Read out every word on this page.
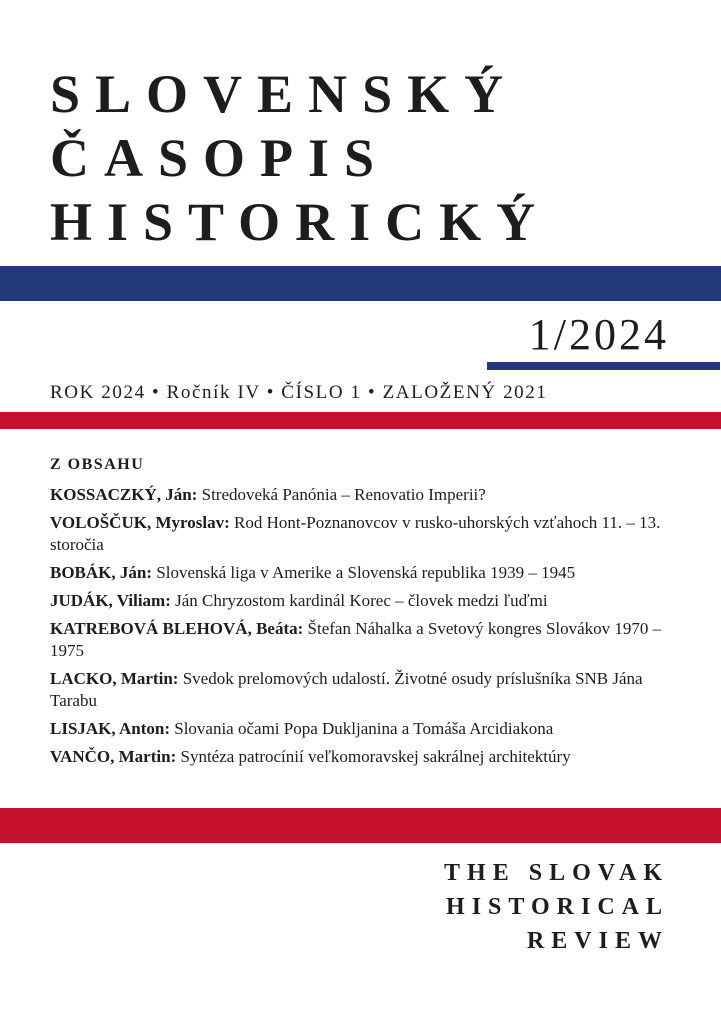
SLOVENSKÝ
ČASOPIS
HISTORICKÝ
1/2024
ROK 2024 • Ročník IV • ČÍSLO 1 • ZALOŽENÝ 2021
Z OBSAHU
KOSSACZKÝ, Ján: Stredoveká Panónia – Renovatio Imperii?
VOLOŠČUK, Myroslav: Rod Hont-Poznanovcov v rusko-uhorských vzťahoch 11. – 13. storočia
BOBÁK, Ján: Slovenská liga v Amerike a Slovenská republika 1939 – 1945
JUDÁK, Viliam: Ján Chryzostom kardinál Korec – človek medzi ľuďmi
KATREBOVÁ BLEHOVÁ, Beáta: Štefan Náhalka a Svetový kongres Slovákov 1970 – 1975
LACKO, Martin: Svedok prelomových udalostí. Životné osudy príslušníka SNB Jána Tarabu
LISJAK, Anton: Slovania očami Popa Dukljanina a Tomáša Arcidiakona
VANČO, Martin: Syntéza patrocínií veľkomoravskej sakrálnej architektúry
THE SLOVAK
HISTORICAL
REVIEW
